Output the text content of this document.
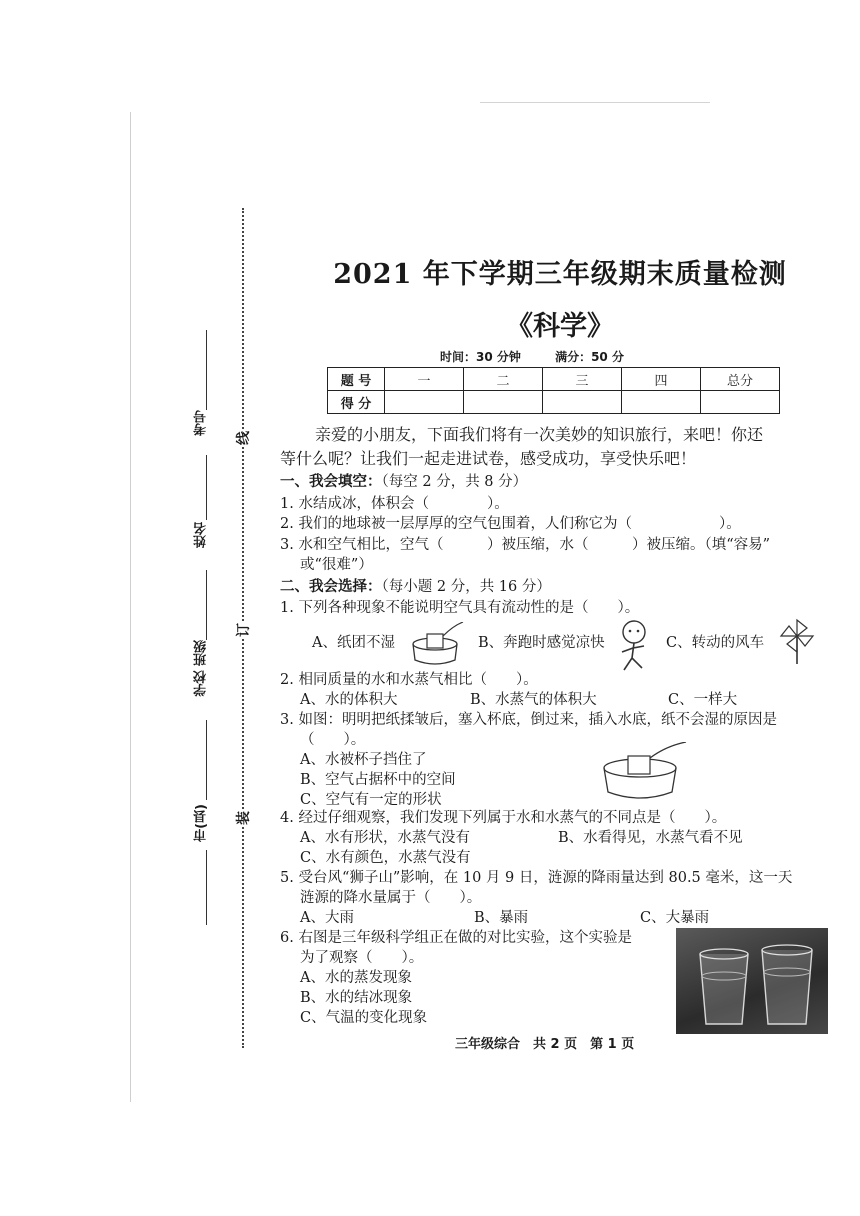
考号
姓名
学校 班级
市(县)
线
订
装
2021 年下学期三年级期末质量检测
《科学》
时间：30 分钟	满分：50 分
题 号	一	二	三	四	总分
得 分					
亲爱的小朋友，下面我们将有一次美妙的知识旅行，来吧！你还
等什么呢？让我们一起走进试卷，感受成功，享受快乐吧！
一、我会填空：（每空 2 分，共 8 分）
1. 水结成冰，体积会（　　　　）。
2. 我们的地球被一层厚厚的空气包围着，人们称它为（　　　　　　）。
3. 水和空气相比，空气（　　　）被压缩，水（　　　）被压缩。（填“容易”
或“很难”）
二、我会选择：（每小题 2 分，共 16 分）
1. 下列各种现象不能说明空气具有流动性的是（　　）。
A、纸团不湿	B、奔跑时感觉凉快	C、转动的风车
2. 相同质量的水和水蒸气相比（　　）。
A、水的体积大	B、水蒸气的体积大	C、一样大
3. 如图：明明把纸揉皱后，塞入杯底，倒过来，插入水底，纸不会湿的原因是
（　　）。
A、水被杯子挡住了
B、空气占据杯中的空间
C、空气有一定的形状
4. 经过仔细观察，我们发现下列属于水和水蒸气的不同点是（　　）。
A、水有形状，水蒸气没有	B、水看得见，水蒸气看不见
C、水有颜色，水蒸气没有
5. 受台风“狮子山”影响，在 10 月 9 日，涟源的降雨量达到 80.5 毫米，这一天
涟源的降水量属于（　　）。
A、大雨	B、暴雨	C、大暴雨
6. 右图是三年级科学组正在做的对比实验，这个实验是
为了观察（　　）。
A、水的蒸发现象
B、水的结冰现象
C、气温的变化现象
三年级综合　共 2 页　第 1 页
